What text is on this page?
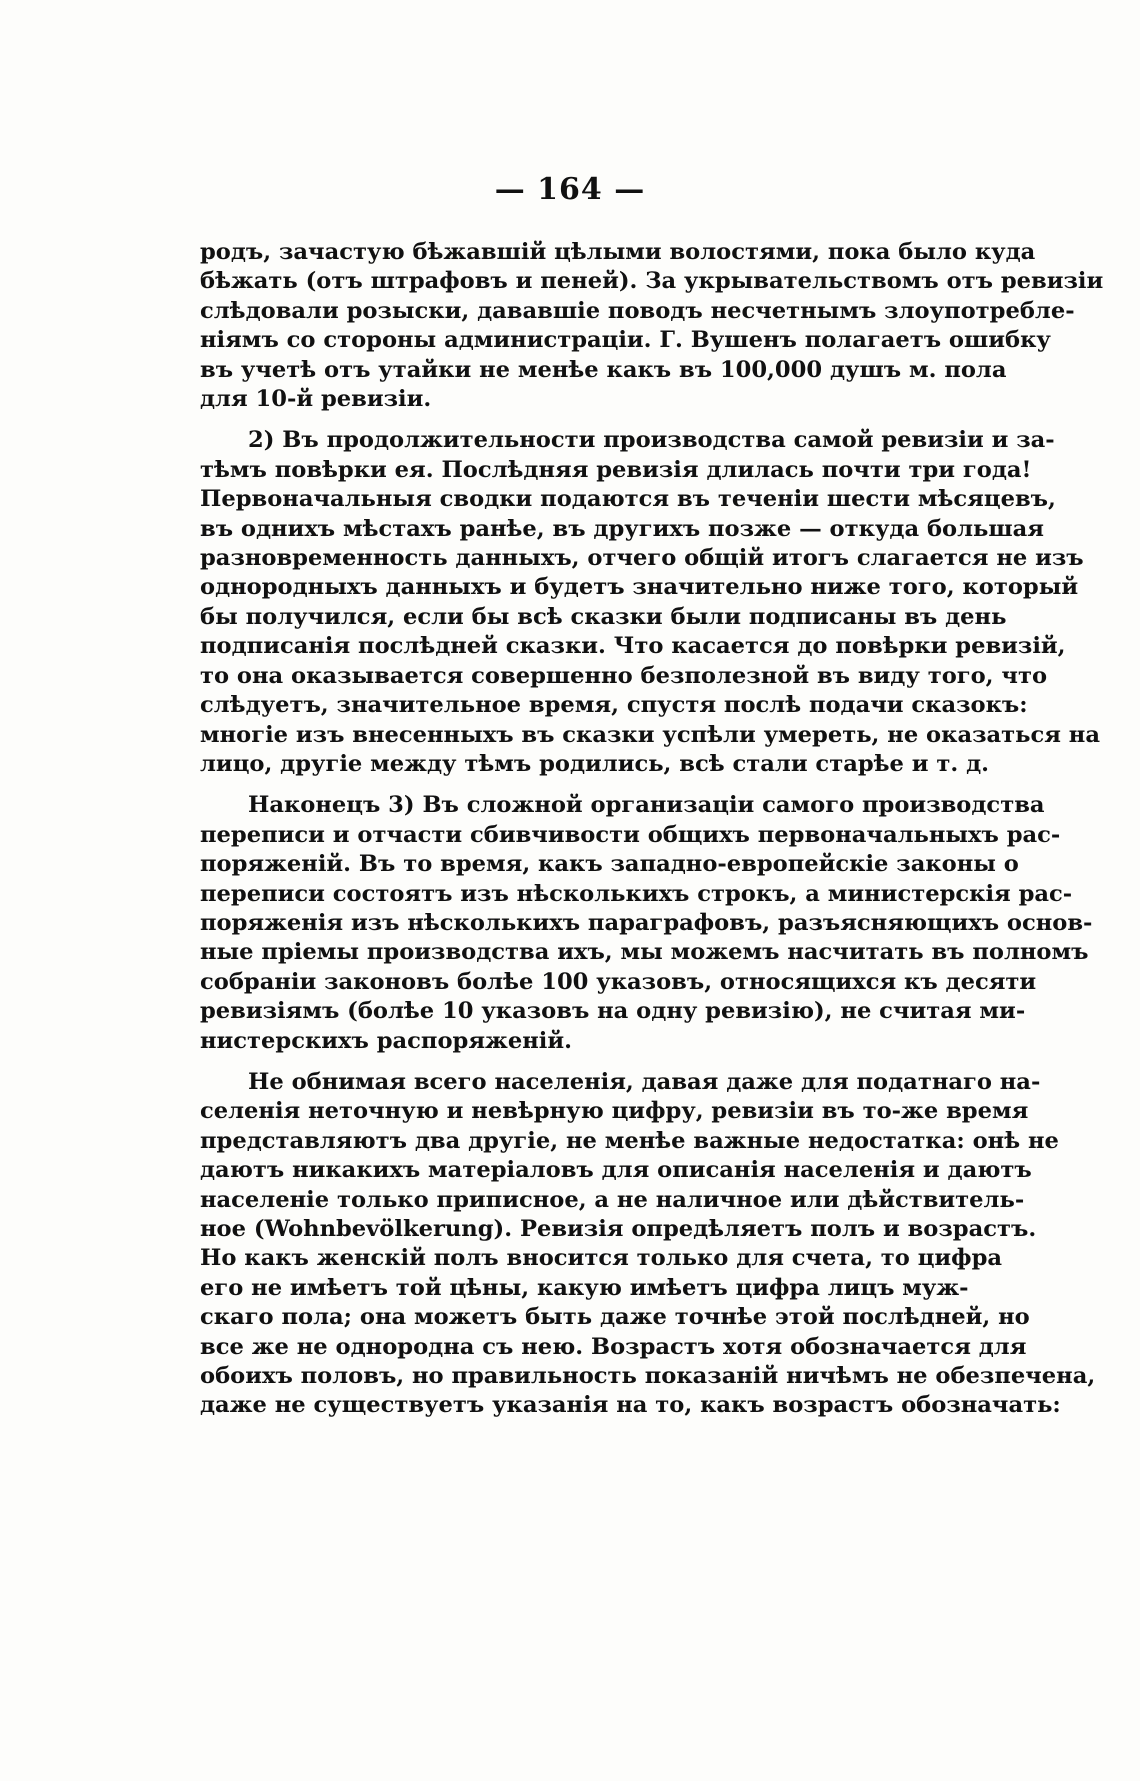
— 164 —
родъ, зачастую бѣжавшій цѣлыми волостями, пока было куда
бѣжать (отъ штрафовъ и пеней). За укрывательствомъ отъ ревизіи
слѣдовали розыски, дававшіе поводъ несчетнымъ злоупотребле-
ніямъ со стороны администраціи. Г. Вушенъ полагаетъ ошибку
въ учетѣ отъ утайки не менѣе какъ въ 100,000 душъ м. пола
для 10-й ревизіи.
2) Въ продолжительности производства самой ревизіи и за-
тѣмъ повѣрки ея. Послѣдняя ревизія длилась почти три года!
Первоначальныя сводки подаются въ теченіи шести мѣсяцевъ,
въ однихъ мѣстахъ ранѣе, въ другихъ позже — откуда большая
разновременность данныхъ, отчего общій итогъ слагается не изъ
однородныхъ данныхъ и будетъ значительно ниже того, который
бы получился, если бы всѣ сказки были подписаны въ день
подписанія послѣдней сказки. Что касается до повѣрки ревизій,
то она оказывается совершенно безполезной въ виду того, что
слѣдуетъ, значительное время, спустя послѣ подачи сказокъ:
многіе изъ внесенныхъ въ сказки успѣли умереть, не оказаться на
лицо, другіе между тѣмъ родились, всѣ стали старѣе и т. д.
Наконецъ 3) Въ сложной организаціи самого производства
переписи и отчасти сбивчивости общихъ первоначальныхъ рас-
поряженій. Въ то время, какъ западно-европейскіе законы о
переписи состоятъ изъ нѣсколькихъ строкъ, а министерскія рас-
поряженія изъ нѣсколькихъ параграфовъ, разъясняющихъ основ-
ные пріемы производства ихъ, мы можемъ насчитать въ полномъ
собраніи законовъ болѣе 100 указовъ, относящихся къ десяти
ревизіямъ (болѣе 10 указовъ на одну ревизію), не считая ми-
нистерскихъ распоряженій.
Не обнимая всего населенія, давая даже для податнаго на-
селенія неточную и невѣрную цифру, ревизіи въ то-же время
представляютъ два другіе, не менѣе важные недостатка: онѣ не
даютъ никакихъ матеріаловъ для описанія населенія и даютъ
населеніе только приписное, а не наличное или дѣйствитель-
ное (Wohnbevölkerung). Ревизія опредѣляетъ полъ и возрастъ.
Но какъ женскій полъ вносится только для счета, то цифра
его не имѣетъ той цѣны, какую имѣетъ цифра лицъ муж-
скаго пола; она можетъ быть даже точнѣе этой послѣдней, но
все же не однородна съ нею. Возрастъ хотя обозначается для
обоихъ половъ, но правильность показаній ничѣмъ не обезпечена,
даже не существуетъ указанія на то, какъ возрастъ обозначать:
